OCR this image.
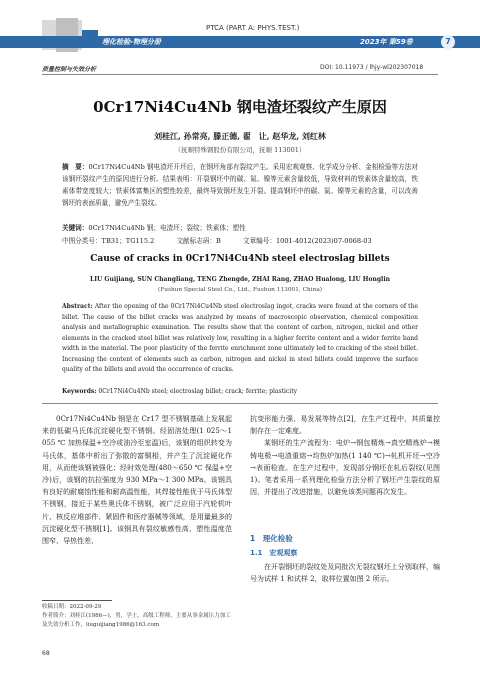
PTCA (PART A: PHYS.TEST.)
理化检验-物理分册	2023年 第59卷	7
质量控制与失效分析	DOI: 10.11973 / lhjy-wl202307018
0Cr17Ni4Cu4Nb 钢电渣坯裂纹产生原因
刘桂江, 孙常亮, 滕正德, 翟　让, 赵华龙, 刘红林
（抚顺特殊钢股份有限公司，抚顺 113001）
摘　要：0Cr17Ni4Cu4Nb 钢电渣坯开坯后，在钢坯角部有裂纹产生。采用宏观观察、化学成分分析、金相检验等方法对该钢坯裂纹产生的原因进行分析。结果表明：开裂钢坯中的碳、氮、镍等元素含量较低，导致材料的铁素体含量较高，铁素体带宽度较大；铁素体富集区的塑性较差，最终导致钢坯发生开裂。提高钢坯中的碳、氮、镍等元素的含量，可以改善钢坯的表面质量，避免产生裂纹。
关键词：0Cr17Ni4Cu4Nb 钢；电渣坯；裂纹；铁素体；塑性
中图分类号：TB31；TG115.2	文献标志码：B	文章编号：1001-4012(2023)07-0068-03
Cause of cracks in 0Cr17Ni4Cu4Nb steel electroslag billets
LIU Guijiang, SUN Changliang, TENG Zhengde, ZHAI Rang, ZHAO Hualong, LIU Honglin
(Fushun Special Steel Co., Ltd., Fushun 113001, China)
Abstract: After the opening of the 0Cr17Ni4Cu4Nb steel electroslag ingot, cracks were found at the corners of the billet. The cause of the billet cracks was analyzed by means of macroscopic observation, chemical composition analysis and metallographic examination. The results show that the content of carbon, nitrogen, nickel and other elements in the cracked steel billet was relatively low, resulting in a higher ferrite content and a wider ferrite band width in the material. The poor plasticity of the ferrite enrichment zone ultimately led to cracking of the steel billet. Increasing the content of elements such as carbon, nitrogen and nickel in steel billets could improve the surface quality of the billets and avoid the occurrence of cracks.
Keywords: 0Cr17Ni4Cu4Nb steel; electroslag billet; crack; ferrite; plasticity

0Cr17Ni4Cu4Nb 钢是在 Cr17 型不锈钢基础上发展起来的低碳马氏体沉淀硬化型不锈钢。经固溶处理(1 025～1 055 ℃ 加热保温+空冷或油冷至室温)后，该钢的组织转变为马氏体，基体中析出了弥散的富铜相，并产生了沉淀硬化作用，从而使该钢被强化；经时效处理(480～650 ℃ 保温+空冷)后，该钢的抗拉强度为 930 MPa～1 300 MPa。该钢具有良好的耐腐蚀性能和耐高温性能，其焊接性能优于马氏体型不锈钢，接近于某些奥氏体不锈钢，被广泛应用于汽轮机叶片、核反应堆部件、紧固件和医疗器械等领域，是用量最多的沉淀硬化型不锈钢[1]。该钢具有裂纹敏感性高、塑性温度范围窄、导热性差、

抗变形能力强、易发展等特点[2]，在生产过程中，其质量控制存在一定难度。

某钢坯的生产流程为：电炉→钢包精炼→真空精炼炉→模铸电极→电渣重熔→均热炉加热(1 140 ℃)→轧机开坯→空冷→表面检查。在生产过程中，发现部分钢坯在轧后裂纹(见图1)。笔者采用一系列理化检验方法分析了钢坯产生裂纹的原因，并提出了改进措施，以避免该类问题再次发生。

1　理化检验
1.1　宏观观察

在开裂钢坯的裂纹处及同批次无裂纹钢坯上分别取样，编号为试样 1 和试样 2，取样位置如图 2 所示。

收稿日期：2022-09-29
作者简介：刘桂江(1986—)，男，学士，高级工程师，主要从事金属压力加工及失效分析工作，liuguijiang1986@163.com
68
